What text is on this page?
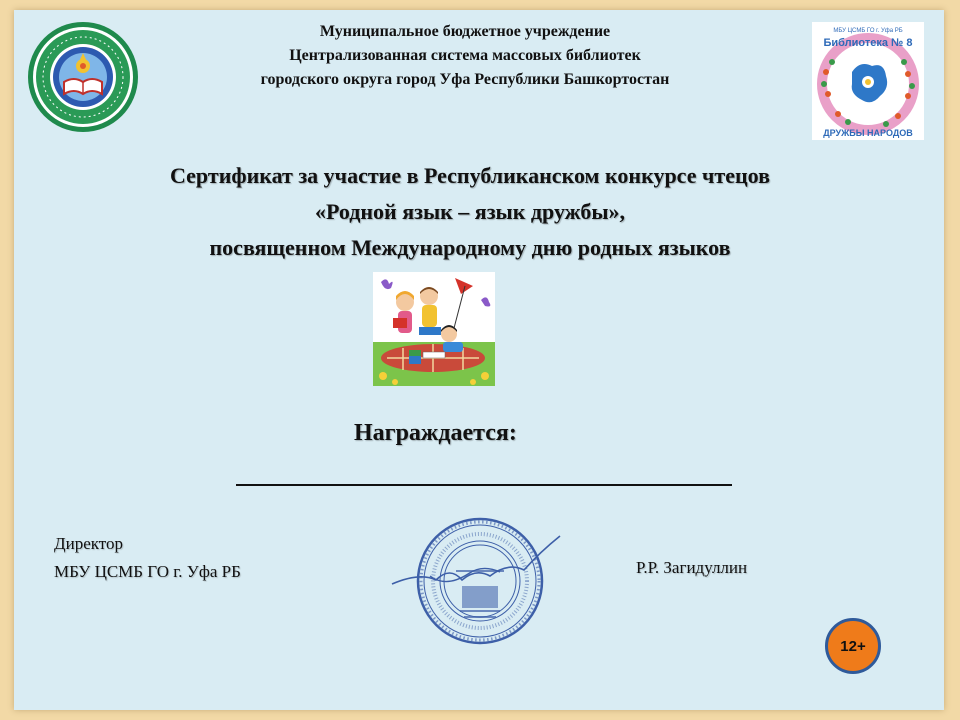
Библиотека № 8
ДРУЖБЫ НАРОДОВ
МБУ ЦСМБ ГО г. Уфа РБ
Муниципальное бюджетное учреждение
Централизованная система массовых библиотек
городского округа город Уфа Республики Башкортостан
Сертификат за участие в Республиканском конкурсе чтецов
«Родной язык – язык дружбы»,
посвященном Международному дню родных языков
Награждается:
Директор
МБУ ЦСМБ ГО г. Уфа РБ	Р.Р. Загидуллин
12+
